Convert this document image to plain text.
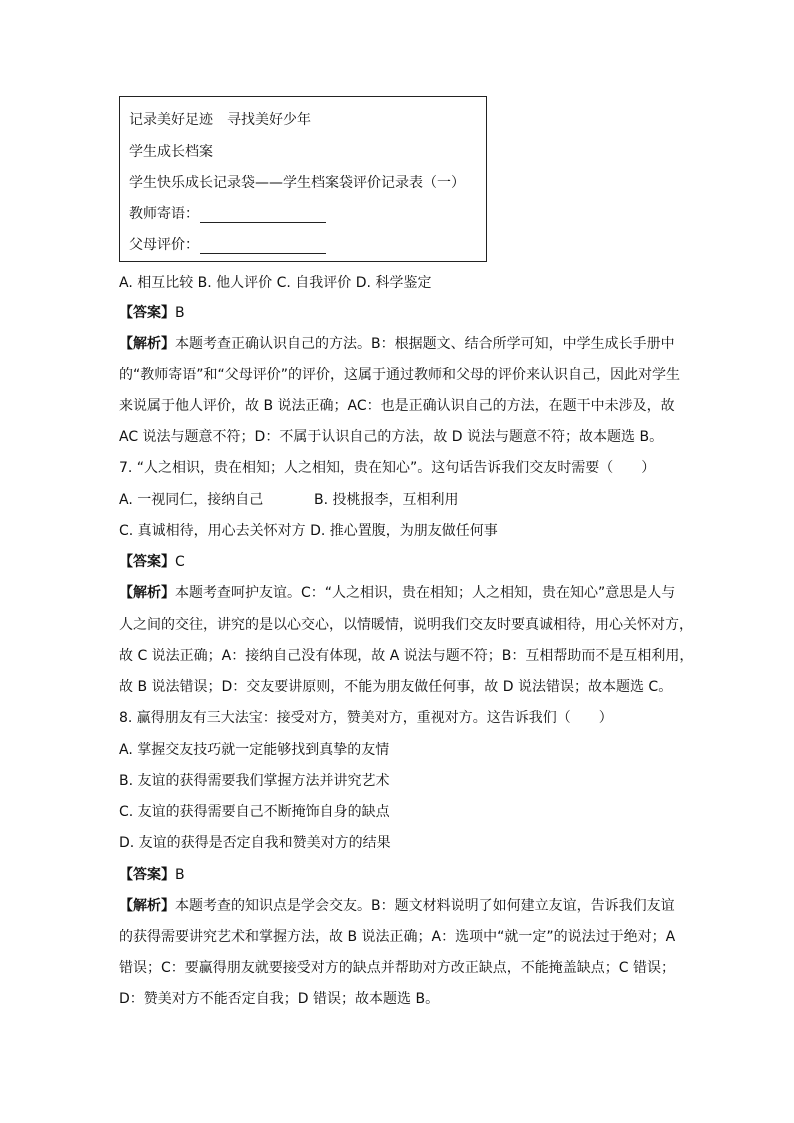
记录美好足迹　寻找美好少年
学生成长档案
学生快乐成长记录袋——学生档案袋评价记录表（一）
教师寄语：
父母评价：
A. 相互比较 B. 他人评价 C. 自我评价 D. 科学鉴定
【答案】B
【解析】本题考查正确认识自己的方法。B：根据题文、结合所学可知，中学生成长手册中
的“教师寄语”和“父母评价”的评价，这属于通过教师和父母的评价来认识自己，因此对学生
来说属于他人评价，故 B 说法正确；AC：也是正确认识自己的方法，在题干中未涉及，故
AC 说法与题意不符；D：不属于认识自己的方法，故 D 说法与题意不符；故本题选 B。
7. “人之相识，贵在相知；人之相知，贵在知心”。这句话告诉我们交友时需要（　　）
A. 一视同仁，接纳自己	B. 投桃报李，互相利用
C. 真诚相待，用心去关怀对方 D. 推心置腹，为朋友做任何事
【答案】C
【解析】本题考查呵护友谊。C：“人之相识，贵在相知；人之相知，贵在知心”意思是人与
人之间的交往，讲究的是以心交心，以情暖情，说明我们交友时要真诚相待，用心关怀对方，
故 C 说法正确；A：接纳自己没有体现，故 A 说法与题不符；B：互相帮助而不是互相利用，
故 B 说法错误；D：交友要讲原则，不能为朋友做任何事，故 D 说法错误；故本题选 C。
8. 赢得朋友有三大法宝：接受对方，赞美对方，重视对方。这告诉我们（　　）
A. 掌握交友技巧就一定能够找到真挚的友情
B. 友谊的获得需要我们掌握方法并讲究艺术
C. 友谊的获得需要自己不断掩饰自身的缺点
D. 友谊的获得是否定自我和赞美对方的结果
【答案】B
【解析】本题考查的知识点是学会交友。B：题文材料说明了如何建立友谊，告诉我们友谊
的获得需要讲究艺术和掌握方法，故 B 说法正确；A：选项中“就一定”的说法过于绝对；A
错误；C：要赢得朋友就要接受对方的缺点并帮助对方改正缺点，不能掩盖缺点；C 错误；
D：赞美对方不能否定自我；D 错误；故本题选 B。
